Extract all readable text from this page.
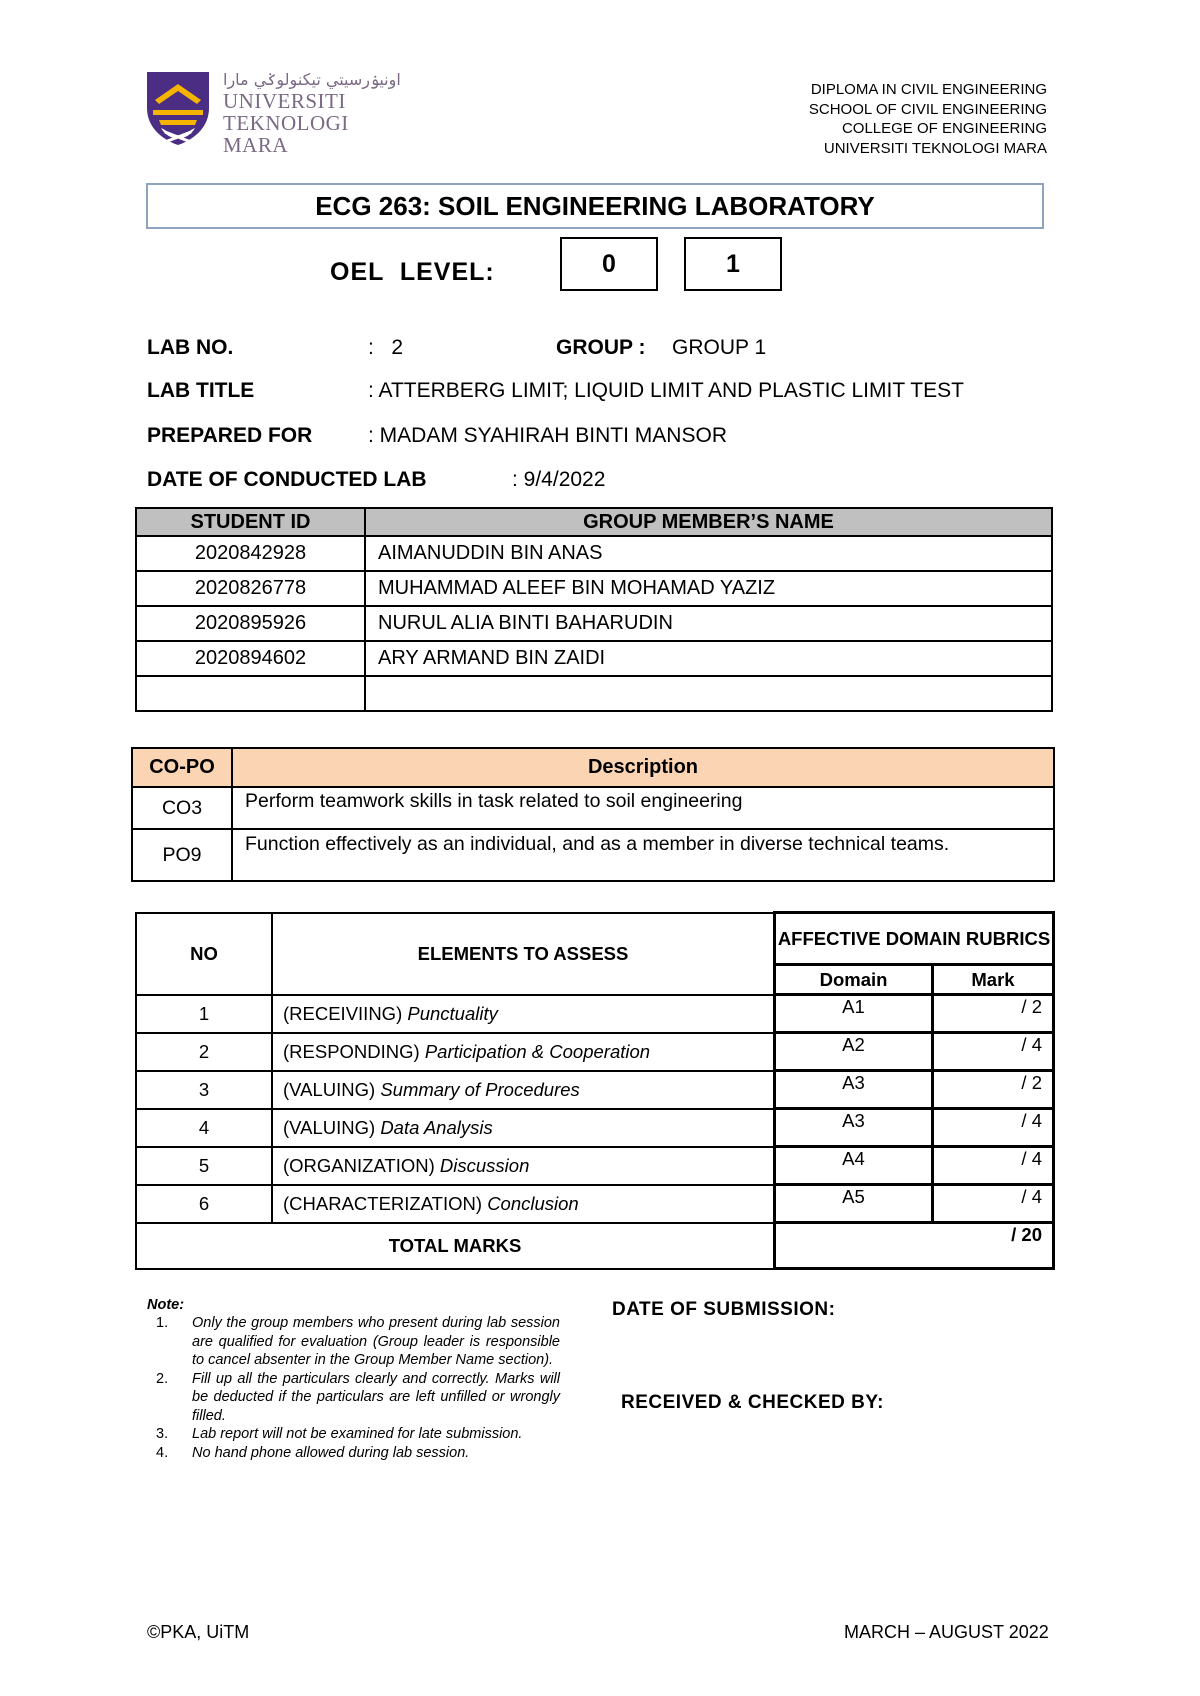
اونيۏرسيتي تيكنولوݢي مارا
UNIVERSITI
TEKNOLOGI
MARA
DIPLOMA IN CIVIL ENGINEERING
SCHOOL OF CIVIL ENGINEERING
COLLEGE OF ENGINEERING
UNIVERSITI TEKNOLOGI MARA
ECG 263: SOIL ENGINEERING LABORATORY
OEL  LEVEL:	0	1
LAB NO.	:   2	GROUP : GROUP 1
LAB TITLE	: ATTERBERG LIMIT; LIQUID LIMIT AND PLASTIC LIMIT TEST
PREPARED FOR	: MADAM SYAHIRAH BINTI MANSOR
DATE OF CONDUCTED LAB	: 9/4/2022
STUDENT ID	GROUP MEMBER’S NAME
2020842928	AIMANUDDIN BIN ANAS
2020826778	MUHAMMAD ALEEF BIN MOHAMAD YAZIZ
2020895926	NURUL ALIA BINTI BAHARUDIN
2020894602	ARY ARMAND BIN ZAIDI

CO-PO	Description
CO3	Perform teamwork skills in task related to soil engineering
PO9	Function effectively as an individual, and as a member in diverse technical teams.
NO	ELEMENTS TO ASSESS	AFFECTIVE DOMAIN RUBRICS	
		Domain	Mark
1	(RECEIVIING) Punctuality	A1	/ 2
2	(RESPONDING) Participation & Cooperation	A2	/ 4
3	(VALUING) Summary of Procedures	A3	/ 2
4	(VALUING) Data Analysis	A3	/ 4
5	(ORGANIZATION) Discussion	A4	/ 4
6	(CHARACTERIZATION) Conclusion	A5	/ 4
TOTAL MARKS		/ 20	
Note:
1. Only the group members who present during lab session are qualified for evaluation (Group leader is responsible to cancel absenter in the Group Member Name section).
2. Fill up all the particulars clearly and correctly. Marks will be deducted if the particulars are left unfilled or wrongly filled.
3. Lab report will not be examined for late submission.
4. No hand phone allowed during lab session.
DATE OF SUBMISSION:
RECEIVED & CHECKED BY:
©PKA, UiTM	MARCH – AUGUST 2022
